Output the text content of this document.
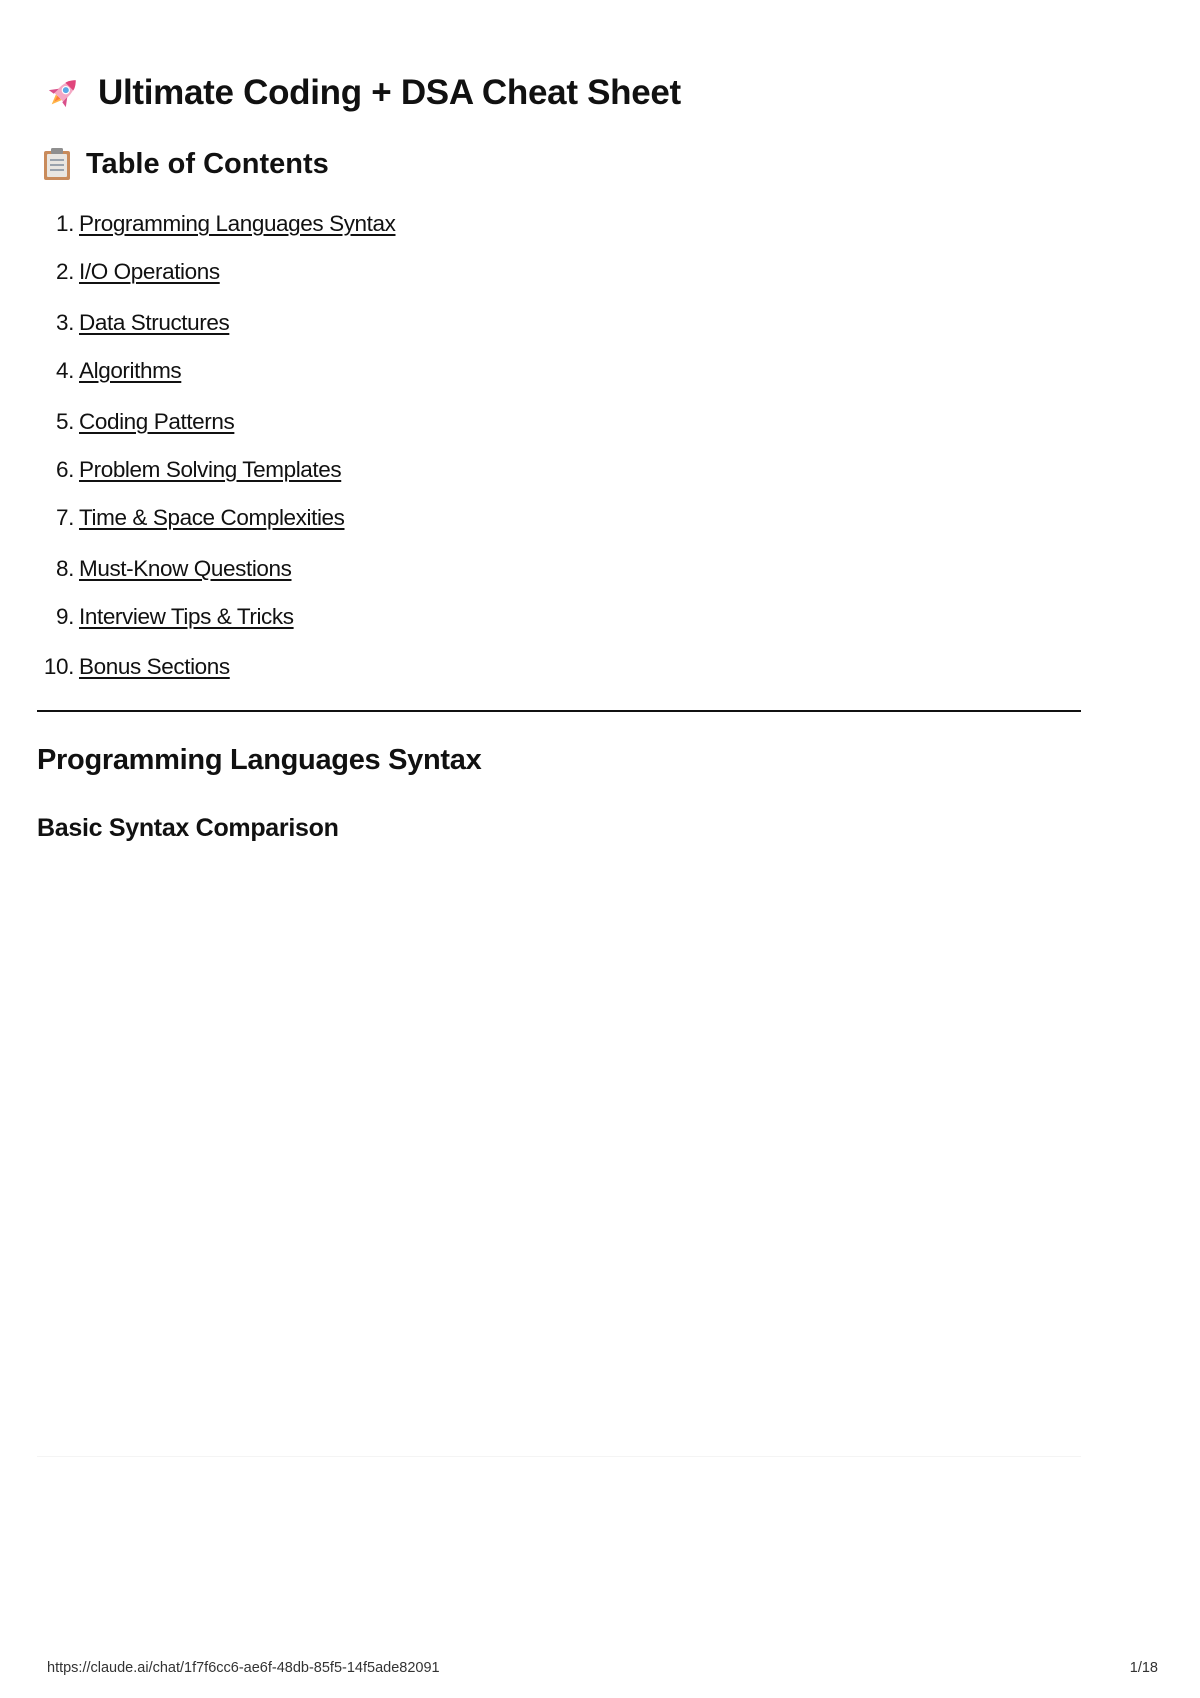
Ultimate Coding + DSA Cheat Sheet
Table of Contents
1. Programming Languages Syntax
2. I/O Operations
3. Data Structures
4. Algorithms
5. Coding Patterns
6. Problem Solving Templates
7. Time & Space Complexities
8. Must-Know Questions
9. Interview Tips & Tricks
10. Bonus Sections
Programming Languages Syntax
Basic Syntax Comparison
https://claude.ai/chat/1f7f6cc6-ae6f-48db-85f5-14f5ade82091	1/18
